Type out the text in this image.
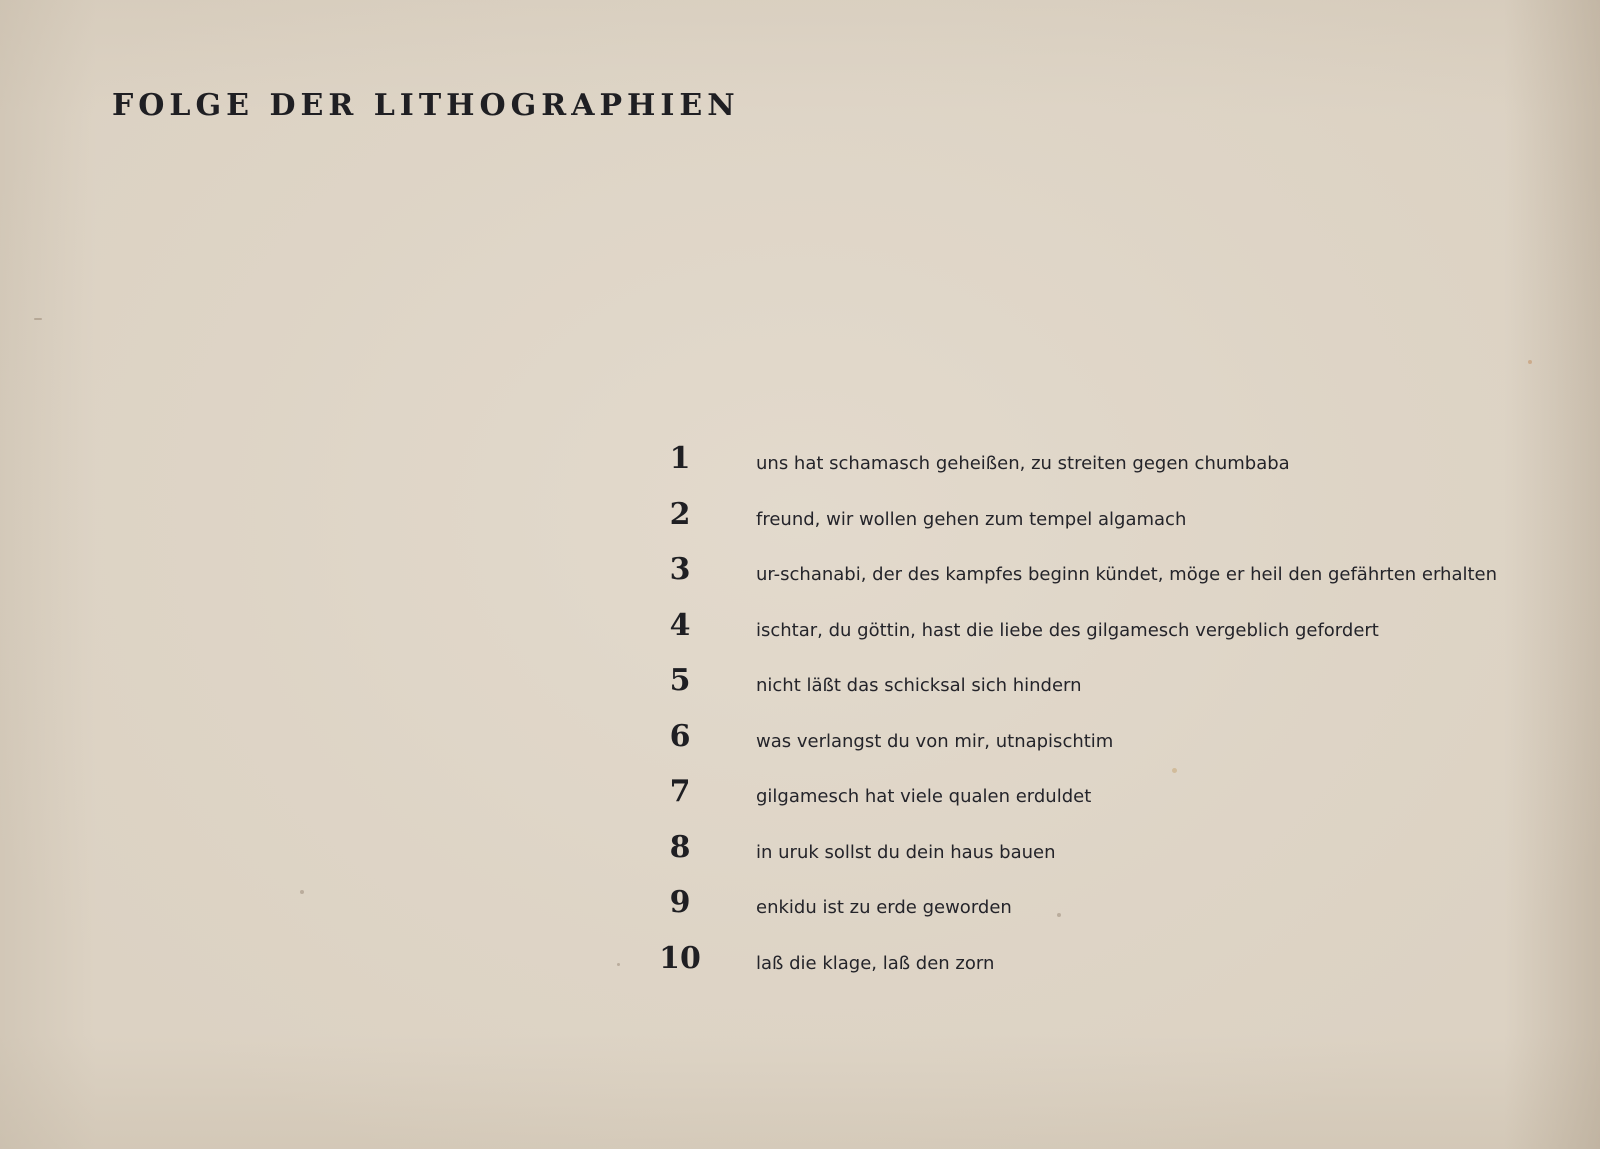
FOLGE DER LITHOGRAPHIEN
1	uns hat schamasch geheißen, zu streiten gegen chumbaba
2	freund, wir wollen gehen zum tempel algamach
3	ur-schanabi, der des kampfes beginn kündet, möge er heil den gefährten erhalten
4	ischtar, du göttin, hast die liebe des gilgamesch vergeblich gefordert
5	nicht läßt das schicksal sich hindern
6	was verlangst du von mir, utnapischtim
7	gilgamesch hat viele qualen erduldet
8	in uruk sollst du dein haus bauen
9	enkidu ist zu erde geworden
10	laß die klage, laß den zorn
